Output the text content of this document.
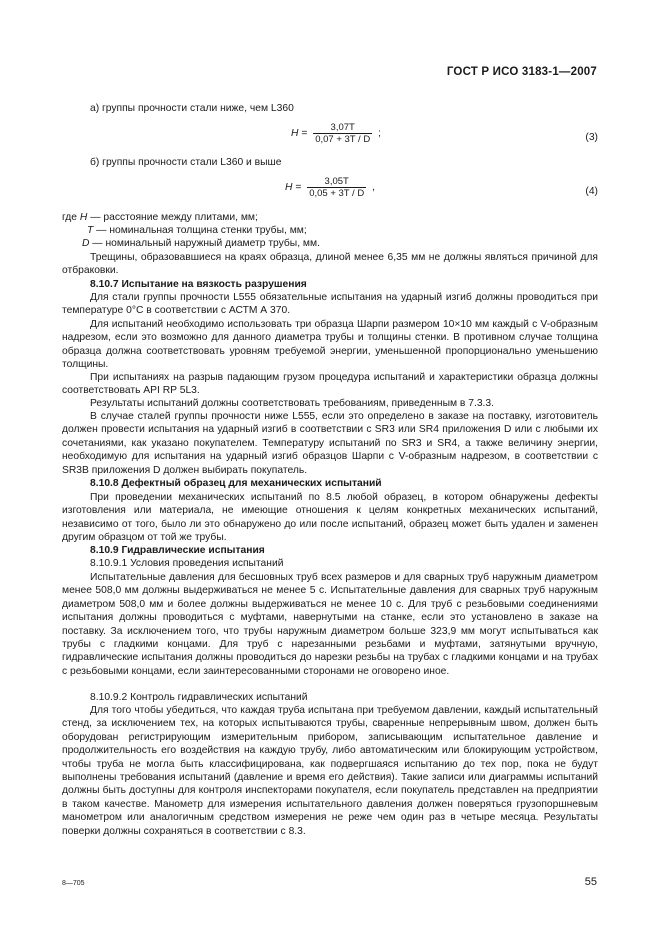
ГОСТ Р ИСО 3183-1—2007
а) группы прочности стали ниже, чем L360
$H = \frac{3,07T}{0,07 + 3T / D}$ ;	(3)
б) группы прочности стали L360 и выше
$H = \frac{3,05T}{0,05 + 3T / D}$ ,	(4)
где H — расстояние между плитами, мм;
T — номинальная толщина стенки трубы, мм;
D — номинальный наружный диаметр трубы, мм.
Трещины, образовавшиеся на краях образца, длиной менее 6,35 мм не должны являться причиной для отбраковки.
8.10.7 Испытание на вязкость разрушения
Для стали группы прочности L555 обязательные испытания на ударный изгиб должны проводиться при температуре 0°С в соответствии с АСТМ А 370.
Для испытаний необходимо использовать три образца Шарпи размером 10×10 мм каждый с V-образным надрезом, если это возможно для данного диаметра трубы и толщины стенки. В противном случае толщина образца должна соответствовать уровням требуемой энергии, уменьшенной пропорционально уменьшению толщины.
При испытаниях на разрыв падающим грузом процедура испытаний и характеристики образца должны соответствовать API RP 5L3.
Результаты испытаний должны соответствовать требованиям, приведенным в 7.3.3.
В случае сталей группы прочности ниже L555, если это определено в заказе на поставку, изготовитель должен провести испытания на ударный изгиб в соответствии с SR3 или SR4 приложения D или с любыми их сочетаниями, как указано покупателем. Температуру испытаний по SR3 и SR4, а также величину энергии, необходимую для испытания на ударный изгиб образцов Шарпи с V-образным надрезом, в соответствии с SR3B приложения D должен выбирать покупатель.
8.10.8 Дефектный образец для механических испытаний
При проведении механических испытаний по 8.5 любой образец, в котором обнаружены дефекты изготовления или материала, не имеющие отношения к целям конкретных механических испытаний, независимо от того, было ли это обнаружено до или после испытаний, образец может быть удален и заменен другим образцом от той же трубы.
8.10.9 Гидравлические испытания
8.10.9.1 Условия проведения испытаний
Испытательные давления для бесшовных труб всех размеров и для сварных труб наружным диаметром менее 508,0 мм должны выдерживаться не менее 5 с. Испытательные давления для сварных труб наружным диаметром 508,0 мм и более должны выдерживаться не менее 10 с. Для труб с резьбовыми соединениями испытания должны проводиться с муфтами, навернутыми на станке, если это установлено в заказе на поставку. За исключением того, что трубы наружным диаметром больше 323,9 мм могут испытываться как трубы с гладкими концами. Для труб с нарезанными резьбами и муфтами, затянутыми вручную, гидравлические испытания должны проводиться до нарезки резьбы на трубах с гладкими концами и на трубах с резьбовыми концами, если заинтересованными сторонами не оговорено иное.
8.10.9.2 Контроль гидравлических испытаний
Для того чтобы убедиться, что каждая труба испытана при требуемом давлении, каждый испытательный стенд, за исключением тех, на которых испытываются трубы, сваренные непрерывным швом, должен быть оборудован регистрирующим измерительным прибором, записывающим испытательное давление и продолжительность его воздействия на каждую трубу, либо автоматическим или блокирующим устройством, чтобы труба не могла быть классифицирована, как подвергшаяся испытанию до тех пор, пока не будут выполнены требования испытаний (давление и время его действия). Такие записи или диаграммы испытаний должны быть доступны для контроля инспекторами покупателя, если покупатель представлен на предприятии в таком качестве. Манометр для измерения испытательного давления должен поверяться грузопоршневым манометром или аналогичным средством измерения не реже чем один раз в четыре месяца. Результаты поверки должны сохраняться в соответствии с 8.3.
8—705	55
